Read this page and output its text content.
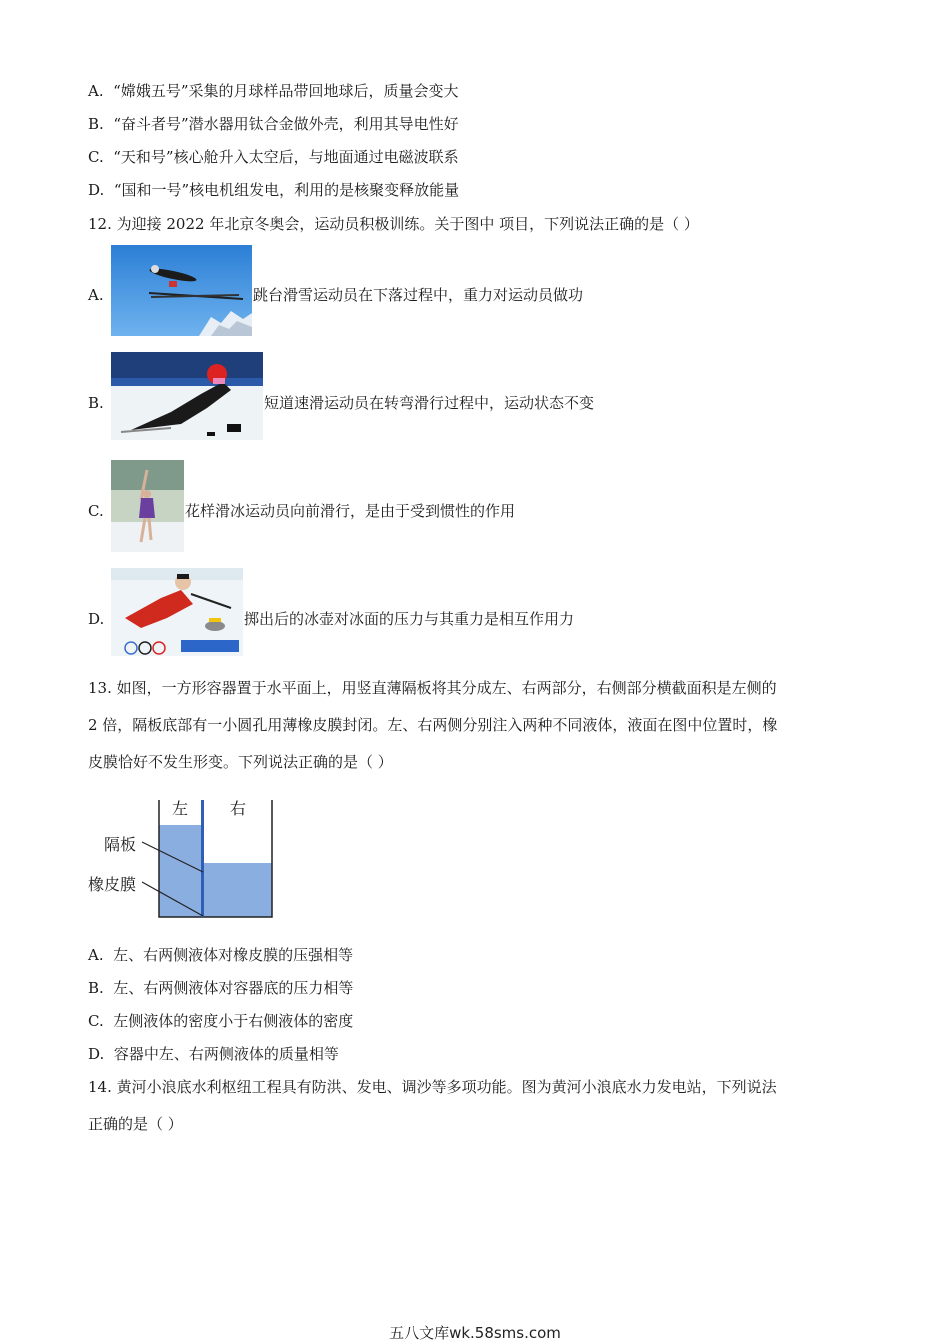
A. “嫦娥五号”采集的月球样品带回地球后，质量会变大
B. “奋斗者号”潜水器用钛合金做外壳，利用其导电性好
C. “天和号”核心舱升入太空后，与地面通过电磁波联系
D. “国和一号”核电机组发电，利用的是核聚变释放能量
12. 为迎接 2022 年北京冬奥会，运动员积极训练。关于图中 项目，下列说法正确的是（ ）
A.	跳台滑雪运动员在下落过程中，重力对运动员做功
B.	短道速滑运动员在转弯滑行过程中，运动状态不变
C.	花样滑冰运动员向前滑行，是由于受到惯性的作用
D.	掷出后的冰壶对冰面的压力与其重力是相互作用力
13. 如图，一方形容器置于水平面上，用竖直薄隔板将其分成左、右两部分，右侧部分横截面积是左侧的
2 倍，隔板底部有一小圆孔用薄橡皮膜封闭。左、右两侧分别注入两种不同液体，液面在图中位置时，橡
皮膜恰好不发生形变。下列说法正确的是（ ）
左	右
隔板
橡皮膜
A. 左、右两侧液体对橡皮膜的压强相等
B. 左、右两侧液体对容器底的压力相等
C. 左侧液体的密度小于右侧液体的密度
D. 容器中左、右两侧液体的质量相等
14. 黄河小浪底水利枢纽工程具有防洪、发电、调沙等多项功能。图为黄河小浪底水力发电站，下列说法
正确的是（ ）
五八文库wk.58sms.com
